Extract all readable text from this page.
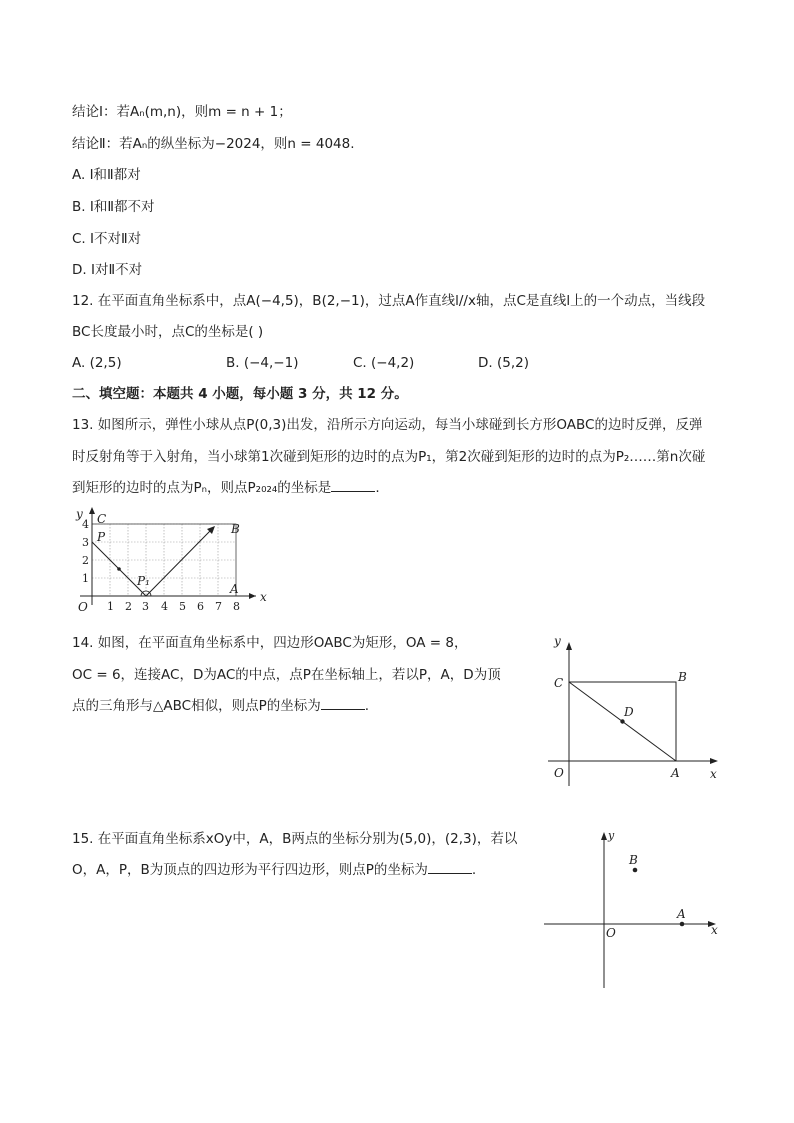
结论Ⅰ：若Aₙ(m,n)，则m = n + 1；
结论Ⅱ：若Aₙ的纵坐标为−2024，则n = 4048.
A. Ⅰ和Ⅱ都对
B. Ⅰ和Ⅱ都不对
C. Ⅰ不对Ⅱ对
D. Ⅰ对Ⅱ不对
12. 在平面直角坐标系中，点A(−4,5)，B(2,−1)，过点A作直线l//x轴，点C是直线l上的一个动点，当线段
BC长度最小时，点C的坐标是( )
A. (2,5)	B. (−4,−1)	C. (−4,2)	D. (5,2)
二、填空题：本题共 4 小题，每小题 3 分，共 12 分。
13. 如图所示，弹性小球从点P(0,3)出发，沿所示方向运动，每当小球碰到长方形OABC的边时反弹，反弹
时反射角等于入射角，当小球第1次碰到矩形的边时的点为P₁，第2次碰到矩形的边时的点为P₂……第n次碰
到矩形的边时的点为Pₙ，则点P₂₀₂₄的坐标是	.
y
x
O
C
P
P₁
B
A
1 2 3 4 5 6 7 8
1
2
3
4
14. 如图，在平面直角坐标系中，四边形OABC为矩形，OA = 8，
OC = 6，连接AC，D为AC的中点，点P在坐标轴上，若以P，A，D为顶
点的三角形与△ABC相似，则点P的坐标为	.
y
x
O
C	B
A
D
15. 在平面直角坐标系xOy中，A，B两点的坐标分别为(5,0)，(2,3)，若以
O，A，P，B为顶点的四边形为平行四边形，则点P的坐标为	.
y
x
O
A
B
